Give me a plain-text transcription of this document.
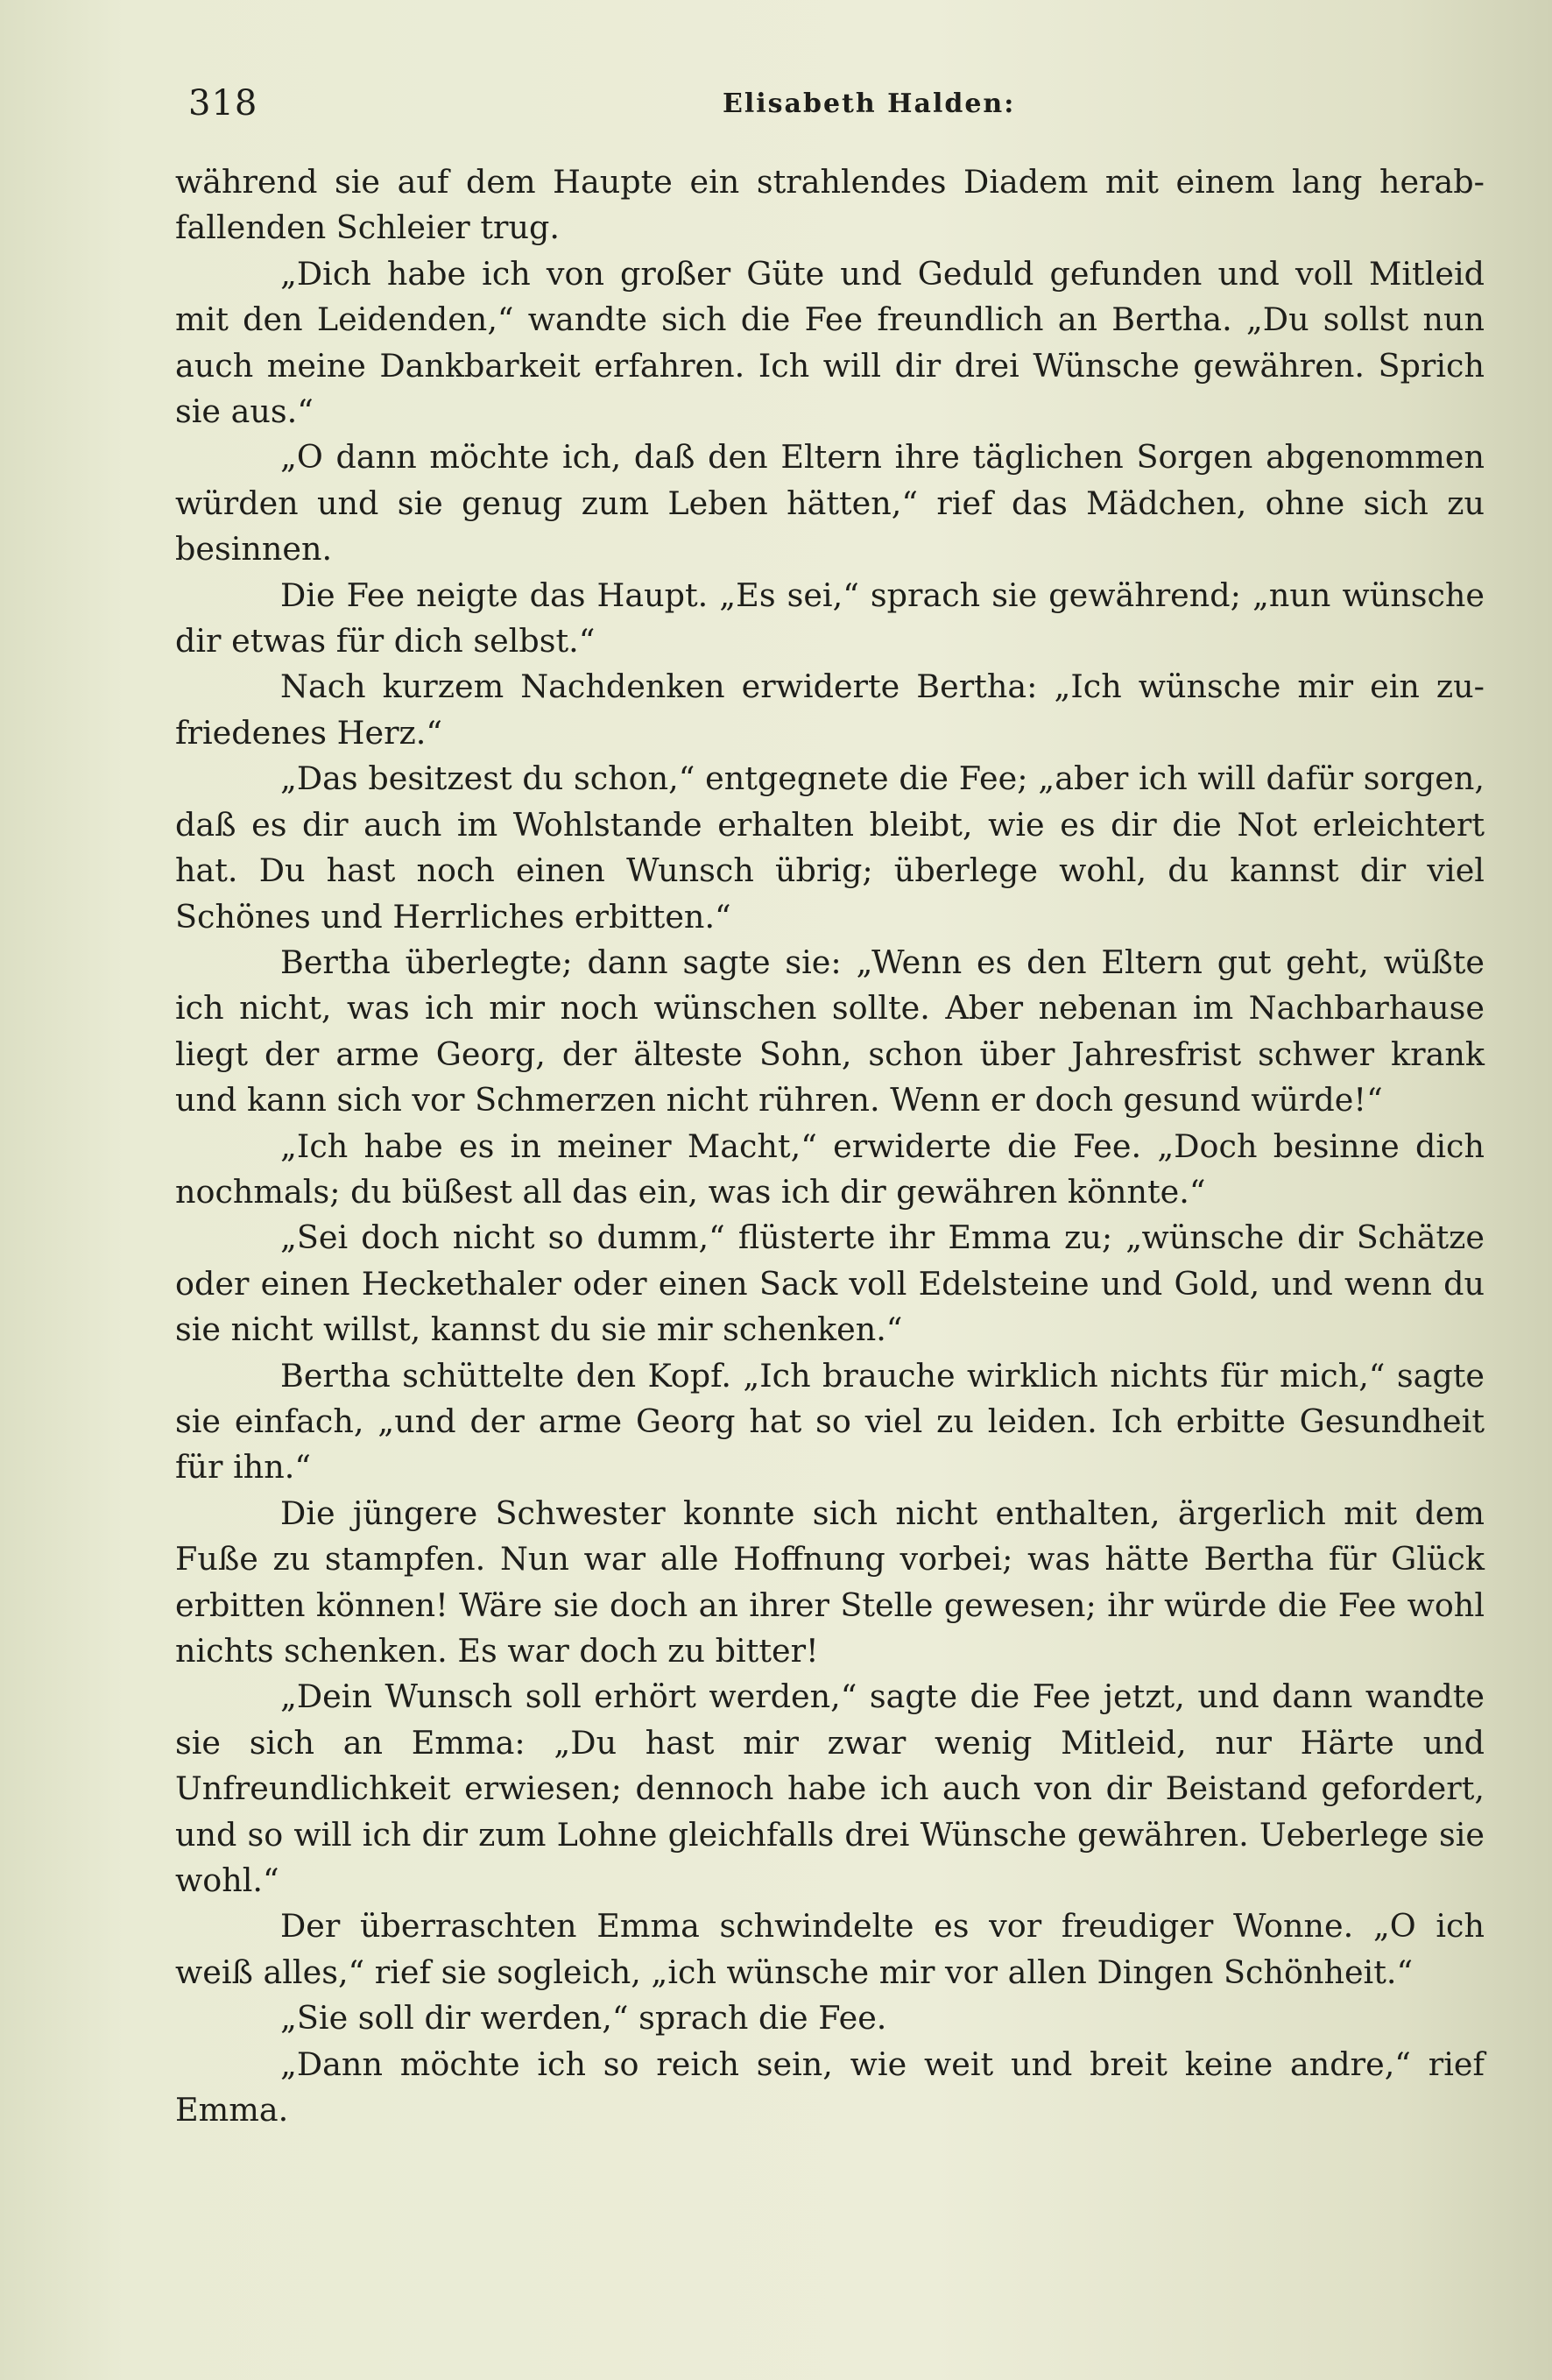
318	Elisabeth Halden:

während sie auf dem Haupte ein strahlendes Diadem mit einem lang herabfallenden Schleier trug.

„Dich habe ich von großer Güte und Geduld gefunden und voll Mitleid mit den Leidenden,“ wandte sich die Fee freundlich an Bertha. „Du sollst nun auch meine Dankbarkeit erfahren. Ich will dir drei Wünsche gewähren. Sprich sie aus.“

„O dann möchte ich, daß den Eltern ihre täglichen Sorgen abgenommen würden und sie genug zum Leben hätten,“ rief das Mädchen, ohne sich zu besinnen.

Die Fee neigte das Haupt. „Es sei,“ sprach sie gewährend; „nun wünsche dir etwas für dich selbst.“

Nach kurzem Nachdenken erwiderte Bertha: „Ich wünsche mir ein zufriedenes Herz.“

„Das besitzest du schon,“ entgegnete die Fee; „aber ich will dafür sorgen, daß es dir auch im Wohlstande erhalten bleibt, wie es dir die Not erleichtert hat. Du hast noch einen Wunsch übrig; überlege wohl, du kannst dir viel Schönes und Herrliches erbitten.“

Bertha überlegte; dann sagte sie: „Wenn es den Eltern gut geht, wüßte ich nicht, was ich mir noch wünschen sollte. Aber nebenan im Nachbarhause liegt der arme Georg, der älteste Sohn, schon über Jahresfrist schwer krank und kann sich vor Schmerzen nicht rühren. Wenn er doch gesund würde!“

„Ich habe es in meiner Macht,“ erwiderte die Fee. „Doch besinne dich nochmals; du büßest all das ein, was ich dir gewähren könnte.“

„Sei doch nicht so dumm,“ flüsterte ihr Emma zu; „wünsche dir Schätze oder einen Heckethaler oder einen Sack voll Edelsteine und Gold, und wenn du sie nicht willst, kannst du sie mir schenken.“

Bertha schüttelte den Kopf. „Ich brauche wirklich nichts für mich,“ sagte sie einfach, „und der arme Georg hat so viel zu leiden. Ich erbitte Gesundheit für ihn.“

Die jüngere Schwester konnte sich nicht enthalten, ärgerlich mit dem Fuße zu stampfen. Nun war alle Hoffnung vorbei; was hätte Bertha für Glück erbitten können! Wäre sie doch an ihrer Stelle gewesen; ihr würde die Fee wohl nichts schenken. Es war doch zu bitter!

„Dein Wunsch soll erhört werden,“ sagte die Fee jetzt, und dann wandte sie sich an Emma: „Du hast mir zwar wenig Mitleid, nur Härte und Unfreundlichkeit erwiesen; dennoch habe ich auch von dir Beistand gefordert, und so will ich dir zum Lohne gleichfalls drei Wünsche gewähren. Ueberlege sie wohl.“

Der überraschten Emma schwindelte es vor freudiger Wonne. „O ich weiß alles,“ rief sie sogleich, „ich wünsche mir vor allen Dingen Schönheit.“

„Sie soll dir werden,“ sprach die Fee.

„Dann möchte ich so reich sein, wie weit und breit keine andre,“ rief Emma.
